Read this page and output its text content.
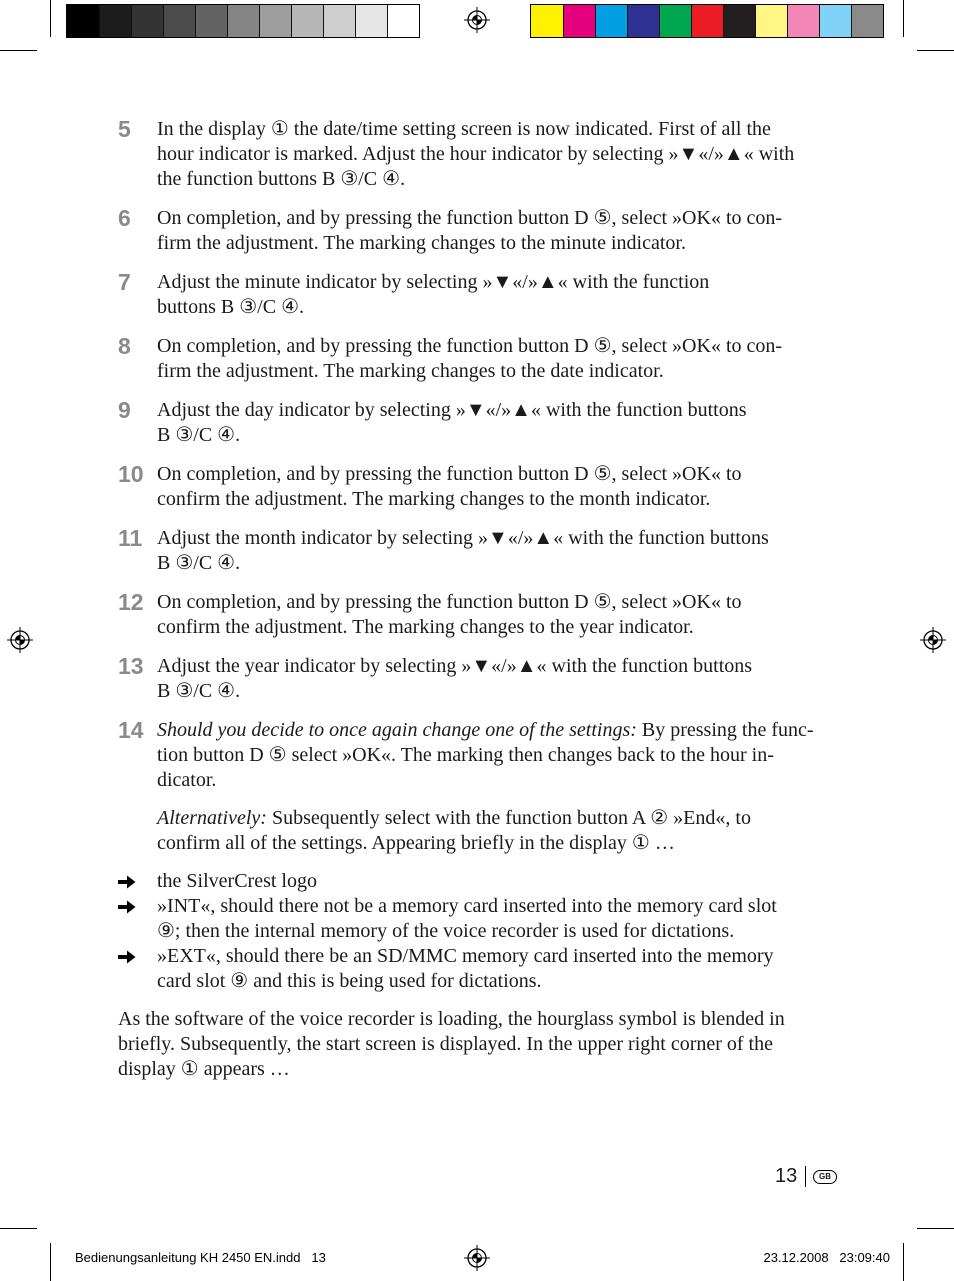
5 In the display ① the date/time setting screen is now indicated. First of all the
hour indicator is marked. Adjust the hour indicator by selecting »▼«/»▲« with
the function buttons B ③/C ④.
6 On completion, and by pressing the function button D ⑤, select »OK« to con-
firm the adjustment. The marking changes to the minute indicator.
7 Adjust the minute indicator by selecting »▼«/»▲« with the function
buttons B ③/C ④.
8 On completion, and by pressing the function button D ⑤, select »OK« to con-
firm the adjustment. The marking changes to the date indicator.
9 Adjust the day indicator by selecting »▼«/»▲« with the function buttons
B ③/C ④.
10 On completion, and by pressing the function button D ⑤, select »OK« to
confirm the adjustment. The marking changes to the month indicator.
11 Adjust the month indicator by selecting »▼«/»▲« with the function buttons
B ③/C ④.
12 On completion, and by pressing the function button D ⑤, select »OK« to
confirm the adjustment. The marking changes to the year indicator.
13 Adjust the year indicator by selecting »▼«/»▲« with the function buttons
B ③/C ④.
14 Should you decide to once again change one of the settings: By pressing the func-
tion button D ⑤ select »OK«. The marking then changes back to the hour in-
dicator.
Alternatively: Subsequently select with the function button A ② »End«, to
confirm all of the settings. Appearing briefly in the display ① …
the SilverCrest logo
»INT«, should there not be a memory card inserted into the memory card slot
⑨; then the internal memory of the voice recorder is used for dictations.
»EXT«, should there be an SD/MMC memory card inserted into the memory
card slot ⑨ and this is being used for dictations.
As the software of the voice recorder is loading, the hourglass symbol is blended in
briefly. Subsequently, the start screen is displayed. In the upper right corner of the
display ① appears …
13	GB
Bedienungsanleitung KH 2450 EN.indd   13	23.12.2008   23:09:40
